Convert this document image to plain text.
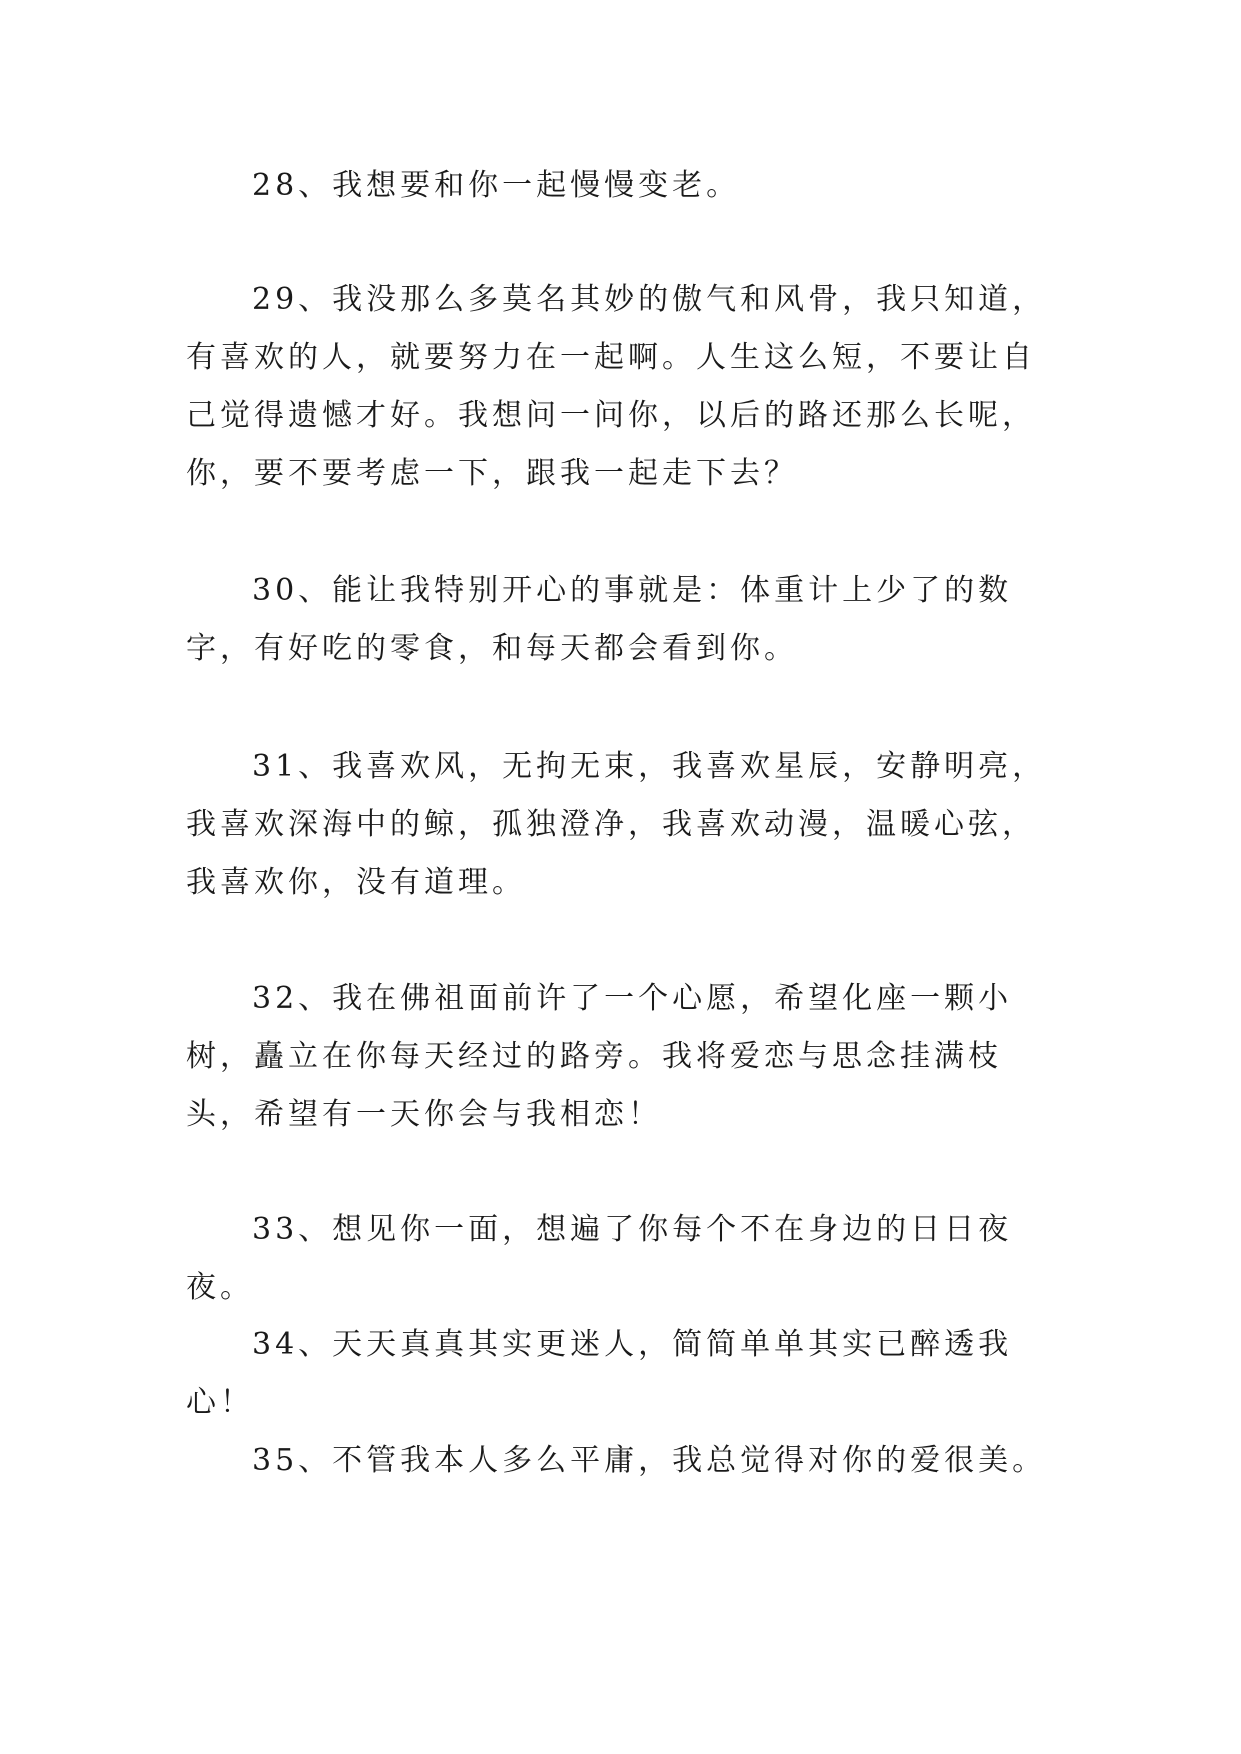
28、我想要和你一起慢慢变老。

29、我没那么多莫名其妙的傲气和风骨，我只知道，有喜欢的人，就要努力在一起啊。人生这么短，不要让自己觉得遗憾才好。我想问一问你，以后的路还那么长呢，你，要不要考虑一下，跟我一起走下去？

30、能让我特别开心的事就是：体重计上少了的数字，有好吃的零食，和每天都会看到你。

31、我喜欢风，无拘无束，我喜欢星辰，安静明亮，我喜欢深海中的鲸，孤独澄净，我喜欢动漫，温暖心弦，我喜欢你，没有道理。

32、我在佛祖面前许了一个心愿，希望化座一颗小树，矗立在你每天经过的路旁。我将爱恋与思念挂满枝头，希望有一天你会与我相恋！

33、想见你一面，想遍了你每个不在身边的日日夜夜。

34、天天真真其实更迷人，简简单单其实已醉透我心！

35、不管我本人多么平庸，我总觉得对你的爱很美。
